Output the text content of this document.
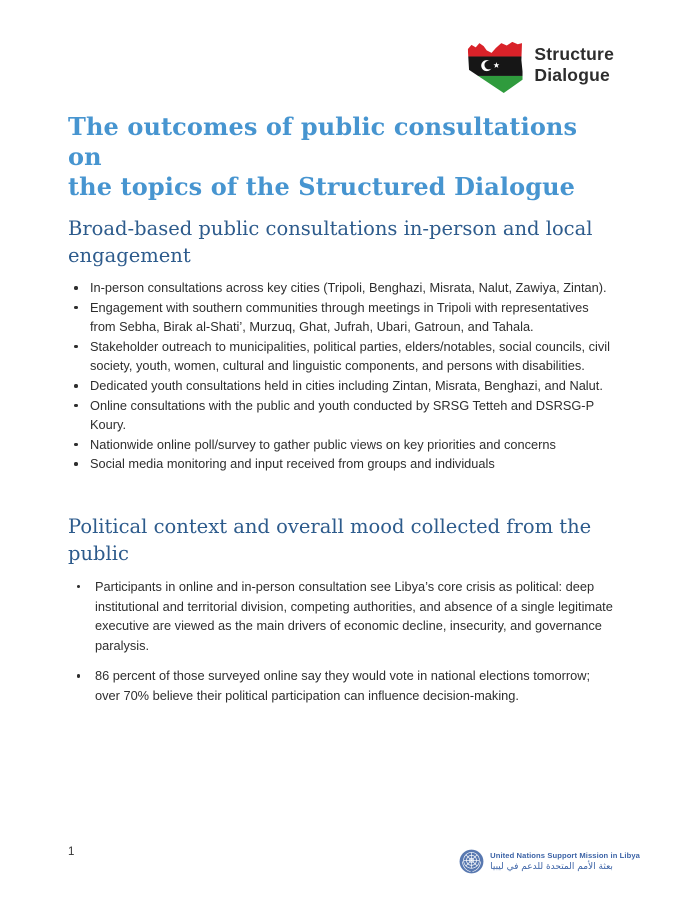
Structure
Dialogue
The outcomes of public consultations on
the topics of the Structured Dialogue
Broad-based public consultations in-person and local engagement
In-person consultations across key cities (Tripoli, Benghazi, Misrata, Nalut, Zawiya, Zintan).
Engagement with southern communities through meetings in Tripoli with representatives from Sebha, Birak al-Shati’, Murzuq, Ghat, Jufrah, Ubari, Gatroun, and Tahala.
Stakeholder outreach to municipalities, political parties, elders/notables, social councils, civil society, youth, women, cultural and linguistic components, and persons with disabilities.
Dedicated youth consultations held in cities including Zintan, Misrata, Benghazi, and Nalut.
Online consultations with the public and youth conducted by SRSG Tetteh and DSRSG-P Koury.
Nationwide online poll/survey to gather public views on key priorities and concerns
Social media monitoring and input received from groups and individuals
Political context and overall mood collected from the public
Participants in online and in-person consultation see Libya’s core crisis as political: deep institutional and territorial division, competing authorities, and absence of a single legitimate executive are viewed as the main drivers of economic decline, insecurity, and governance paralysis.
86 percent of those surveyed online say they would vote in national elections tomorrow; over 70% believe their political participation can influence decision-making.
1	United Nations Support Mission in Libya
بعثة الأمم المتحدة للدعم في ليبيا
